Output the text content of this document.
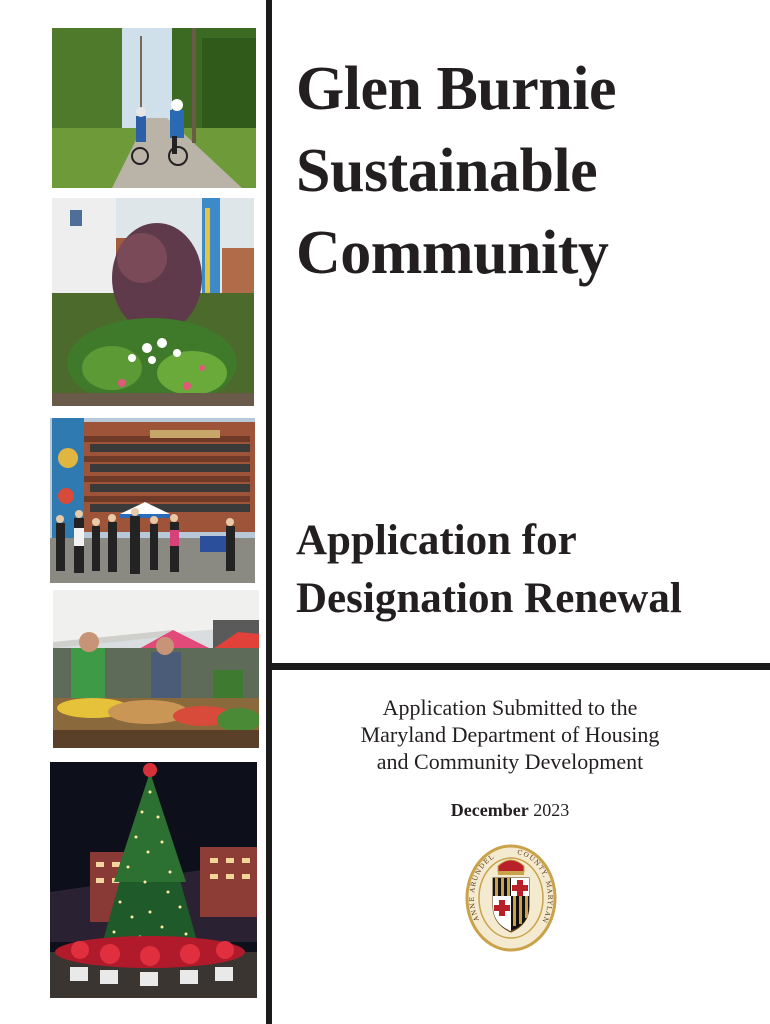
Glen Burnie
Sustainable
Community
Application for
Designation Renewal
Application Submitted to the
Maryland Department of Housing
and Community Development
December 2023
ANNE ARUNDEL	COUNTY, MARYLAN
